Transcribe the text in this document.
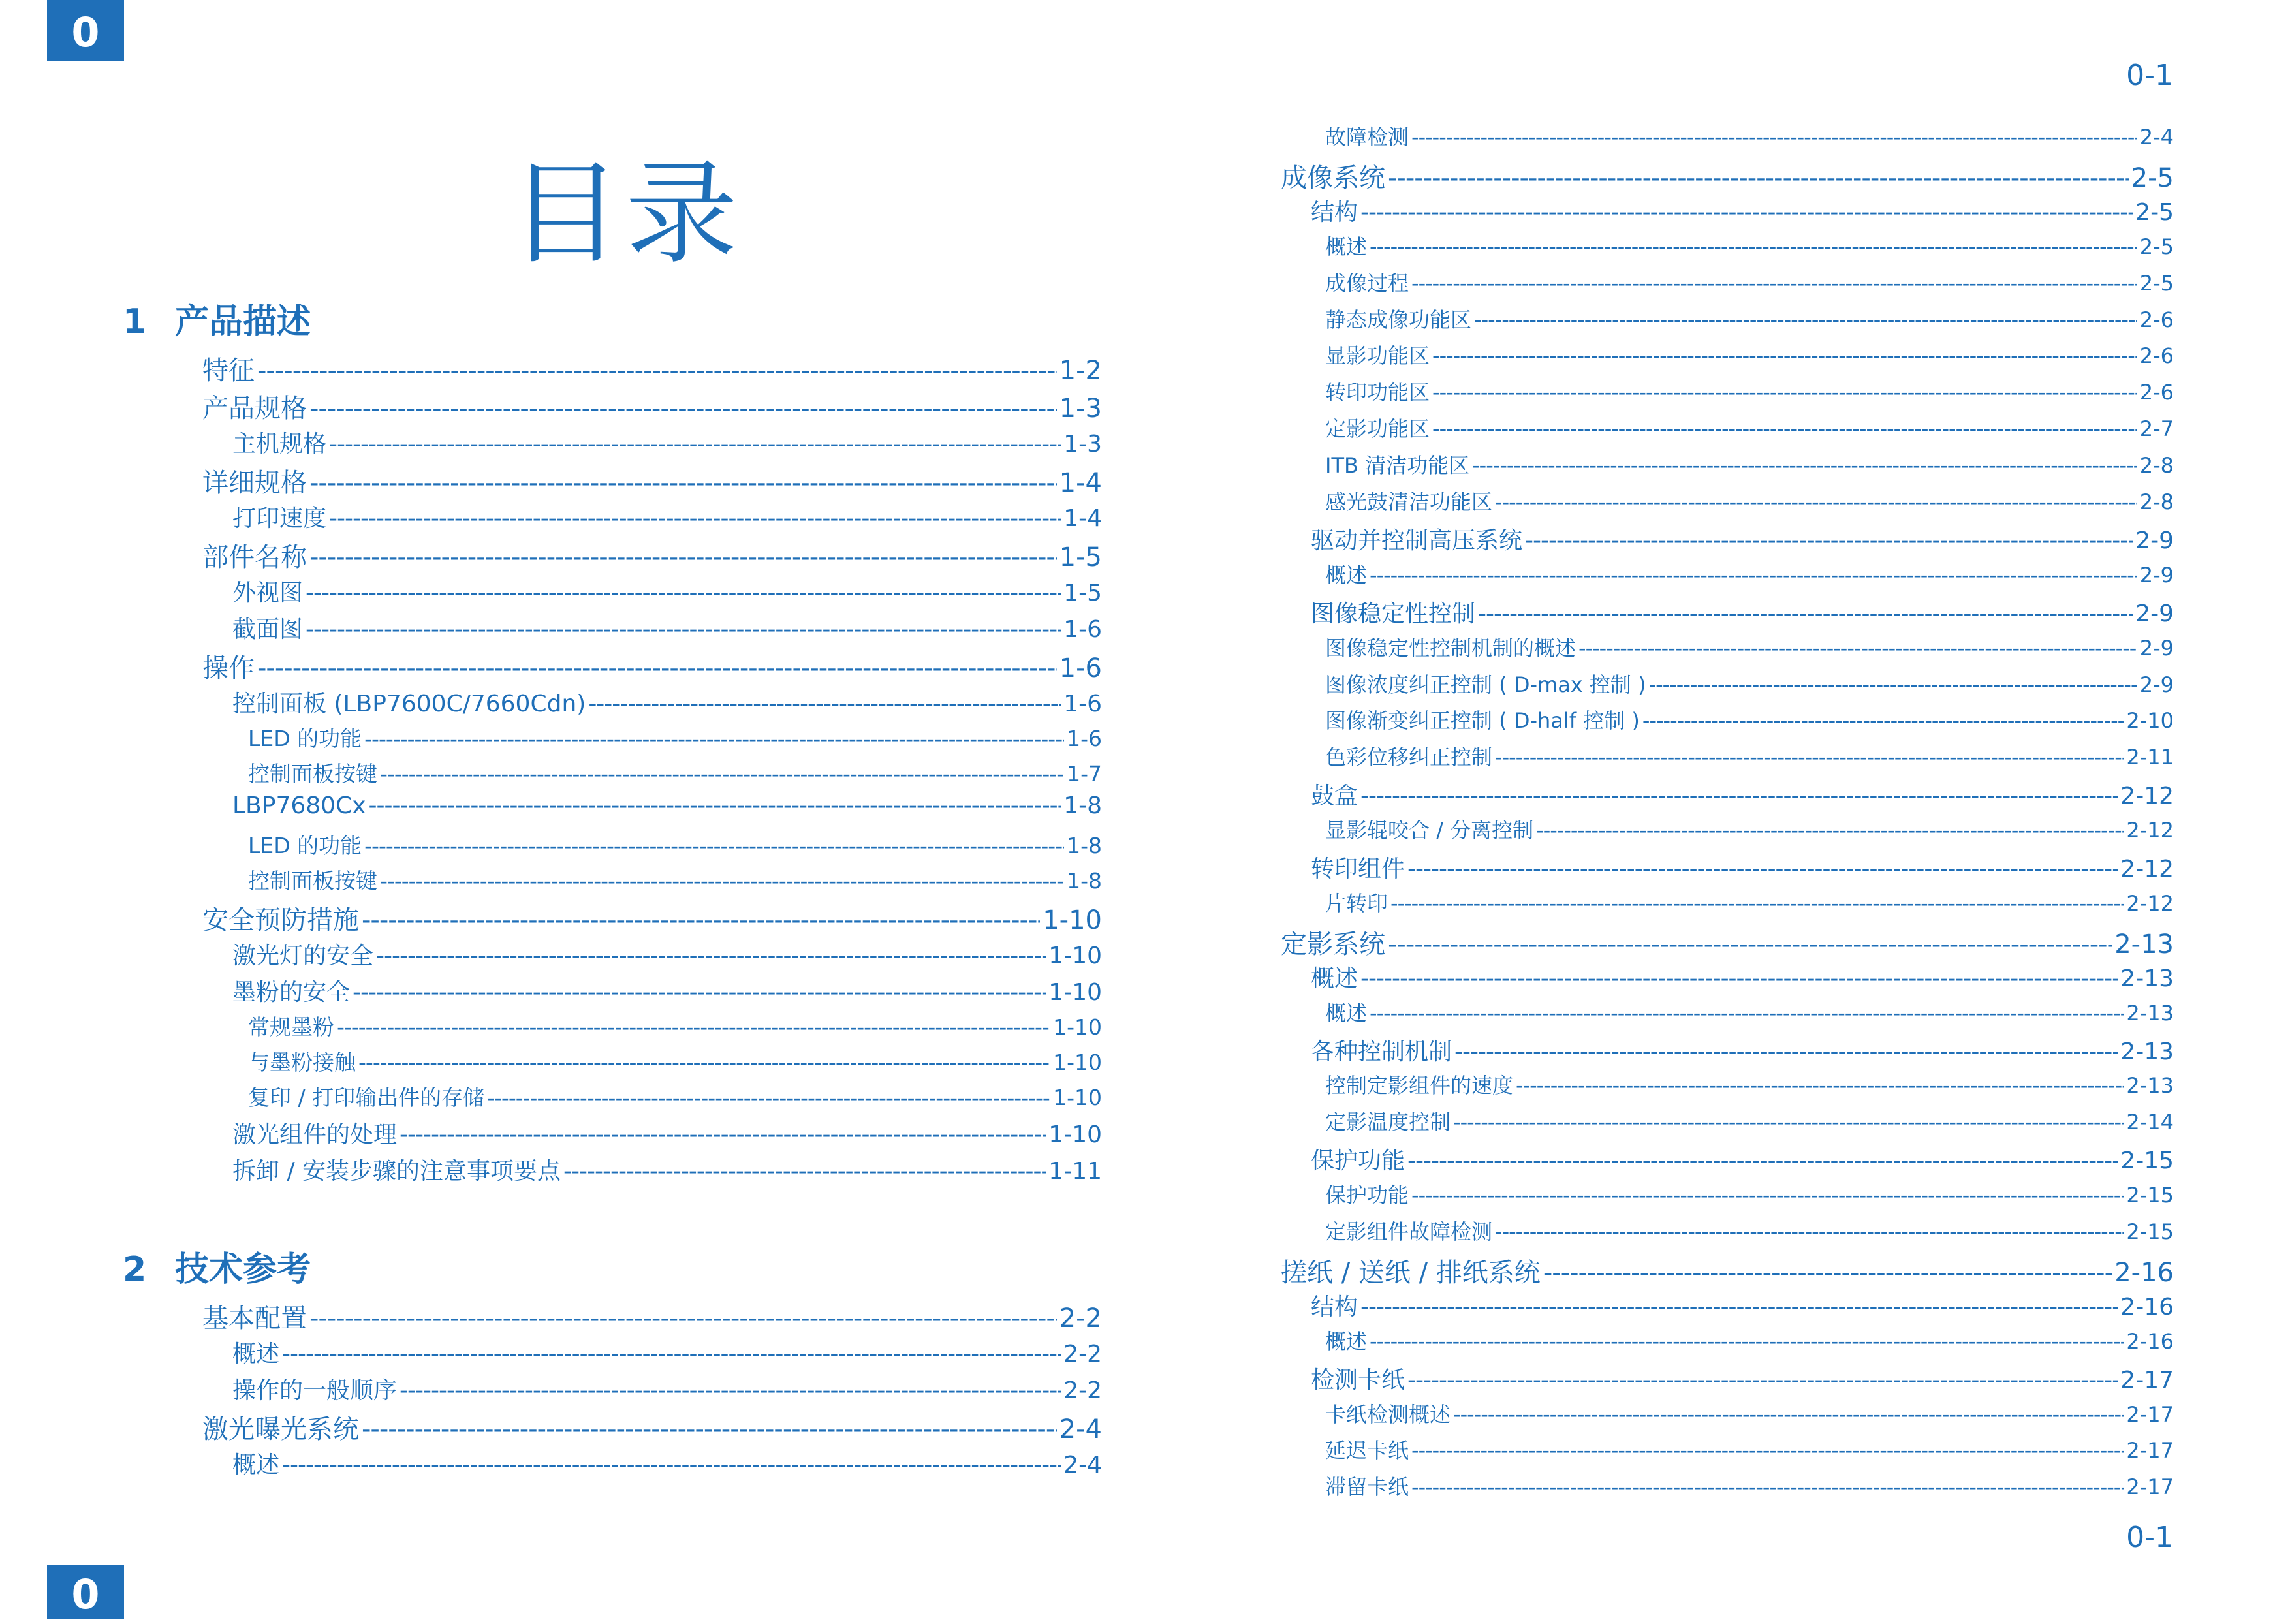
0
0
0-1
0-1
目录
1 产品描述
特征 -----	1-2
产品规格 -----	1-3
主机规格 -----	1-3
详细规格 -----	1-4
打印速度 -----	1-4
部件名称 -----	1-5
外视图 -----	1-5
截面图 -----	1-6
操作 -----	1-6
控制面板 (LBP7600C/7660Cdn) -----	1-6
LED 的功能 -----	1-6
控制面板按键 -----	1-7
LBP7680Cx -----	1-8
LED 的功能 -----	1-8
控制面板按键 -----	1-8
安全预防措施 -----	1-10
激光灯的安全 -----	1-10
墨粉的安全 -----	1-10
常规墨粉 -----	1-10
与墨粉接触 -----	1-10
复印 / 打印输出件的存储 -----	1-10
激光组件的处理 -----	1-10
拆卸 / 安装步骤的注意事项要点 -----	1-11
2 技术参考
基本配置 -----	2-2
概述 -----	2-2
操作的一般顺序 -----	2-2
激光曝光系统 -----	2-4
概述 -----	2-4
故障检测 -----	2-4
成像系统 -----	2-5
结构 -----	2-5
概述 -----	2-5
成像过程 -----	2-5
静态成像功能区 -----	2-6
显影功能区 -----	2-6
转印功能区 -----	2-6
定影功能区 -----	2-7
ITB 清洁功能区 -----	2-8
感光鼓清洁功能区 -----	2-8
驱动并控制高压系统 -----	2-9
概述 -----	2-9
图像稳定性控制 -----	2-9
图像稳定性控制机制的概述 -----	2-9
图像浓度纠正控制 ( D-max 控制 ) -----	2-9
图像渐变纠正控制 ( D-half 控制 ) -----	2-10
色彩位移纠正控制 -----	2-11
鼓盒 -----	2-12
显影辊咬合 / 分离控制 -----	2-12
转印组件 -----	2-12
片转印 -----	2-12
定影系统 -----	2-13
概述 -----	2-13
概述 -----	2-13
各种控制机制 -----	2-13
控制定影组件的速度 -----	2-13
定影温度控制 -----	2-14
保护功能 -----	2-15
保护功能 -----	2-15
定影组件故障检测 -----	2-15
搓纸 / 送纸 / 排纸系统 -----	2-16
结构 -----	2-16
概述 -----	2-16
检测卡纸 -----	2-17
卡纸检测概述 -----	2-17
延迟卡纸 -----	2-17
滞留卡纸 -----	2-17
